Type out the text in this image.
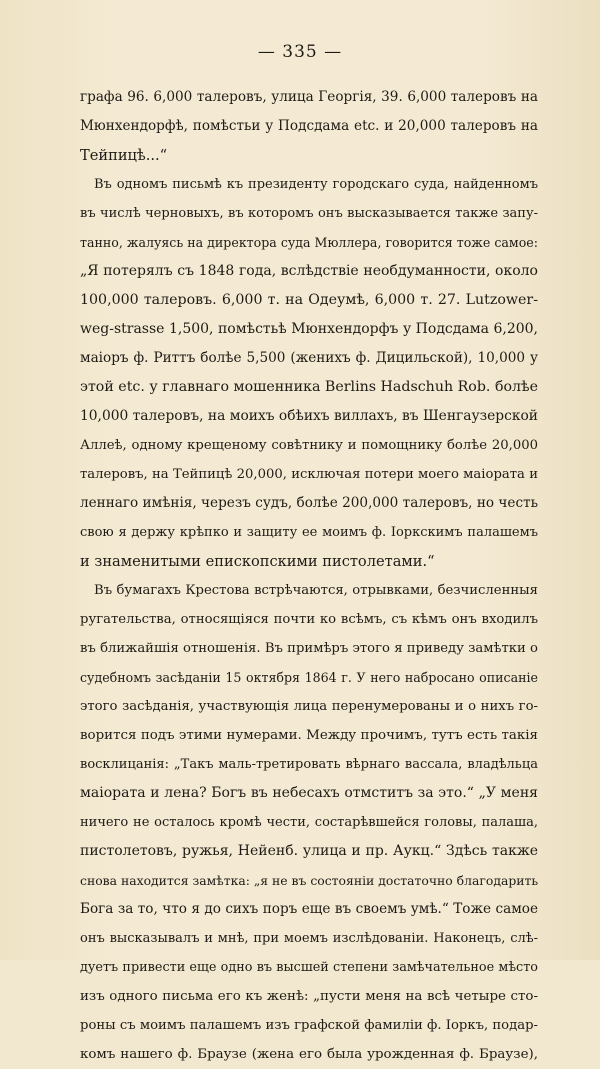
— 335 —
графа 96. 6,000 талеровъ, улица Георгія, 39. 6,000 талеровъ на
Мюнхендорфѣ, помѣстьи у Подсдама etc. и 20,000 талеровъ на
Тейпицѣ...“
Въ одномъ письмѣ къ президенту городскаго суда, найденномъ
въ числѣ черновыхъ, въ которомъ онъ высказывается также запу-
танно, жалуясь на директора суда Мюллера, говорится тоже самое:
„Я потерялъ съ 1848 года, вслѣдствіе необдуманности, около
100,000 талеровъ. 6,000 т. на Одеумѣ, 6,000 т. 27. Lutzower-
weg-strasse 1,500, помѣстьѣ Мюнхендорфъ у Подсдама 6,200,
маіоръ ф. Риттъ болѣе 5,500 (женихъ ф. Дицильской), 10,000 у
этой etc. у главнаго мошенника Berlins Hadschuh Rob. болѣе
10,000 талеровъ, на моихъ обѣихъ виллахъ, въ Шенгаузерской
Аллеѣ, одному крещеному совѣтнику и помощнику болѣе 20,000
талеровъ, на Тейпицѣ 20,000, исключая потери моего маіората и
леннаго имѣнія, черезъ судъ, болѣе 200,000 талеровъ, но честь
свою я держу крѣпко и защиту ее моимъ ф. Іоркскимъ палашемъ
и знаменитыми епископскими пистолетами.“
Въ бумагахъ Крестова встрѣчаются, отрывками, безчисленныя
ругательства, относящіяся почти ко всѣмъ, съ кѣмъ онъ входилъ
въ ближайшія отношенія. Въ примѣръ этого я приведу замѣтки о
судебномъ засѣданіи 15 октября 1864 г. У него набросано описаніе
этого засѣданія, участвующія лица перенумерованы и о нихъ го-
ворится подъ этими нумерами. Между прочимъ, тутъ есть такія
восклицанія: „Такъ маль-третировать вѣрнаго вассала, владѣльца
маіората и лена? Богъ въ небесахъ отмститъ за это.“ „У меня
ничего не осталось кромѣ чести, состарѣвшейся головы, палаша,
пистолетовъ, ружья, Нейенб. улица и пр. Аукц.“ Здѣсь также
снова находится замѣтка: „я не въ состояніи достаточно благодарить
Бога за то, что я до сихъ поръ еще въ своемъ умѣ.“ Тоже самое
онъ высказывалъ и мнѣ, при моемъ изслѣдованіи. Наконецъ, слѣ-
дуетъ привести еще одно въ высшей степени замѣчательное мѣсто
изъ одного письма его къ женѣ: „пусти меня на всѣ четыре сто-
роны съ моимъ палашемъ изъ графской фамиліи ф. Іоркъ, подар-
комъ нашего ф. Браузе (жена его была урожденная ф. Браузе),
